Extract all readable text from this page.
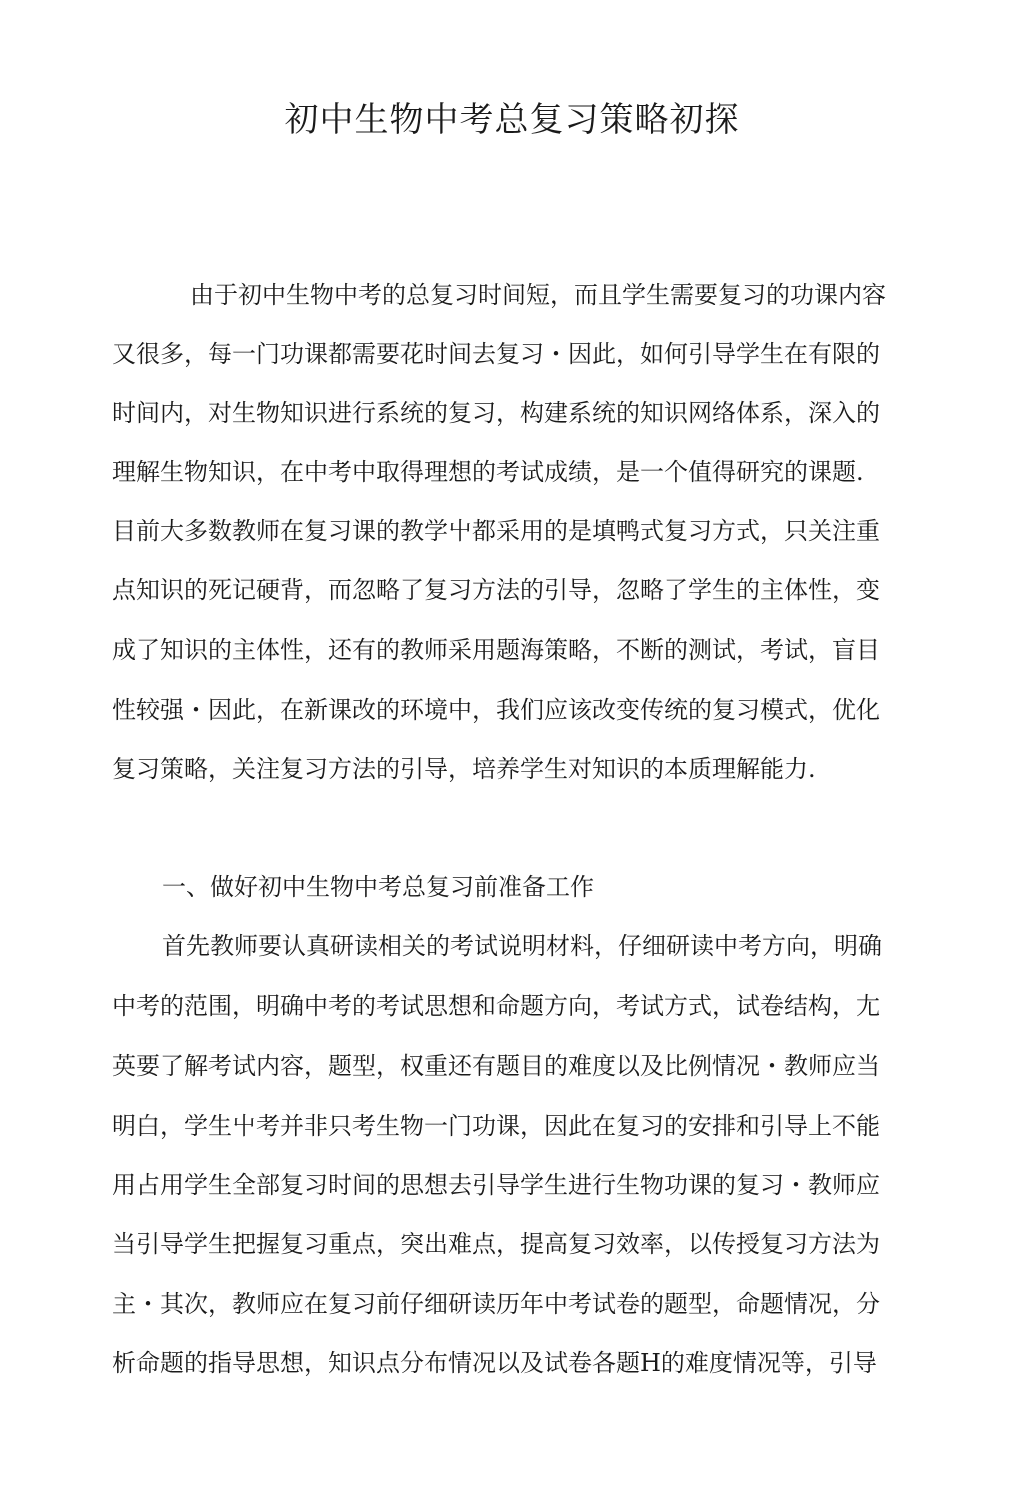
初中生物中考总复习策略初探

由于初中生物中考的总复习时间短，而且学生需要复习的功课内容

又很多，每一门功课都需要花时间去复习・因此，如何引导学生在有限的

时间内，对生物知识进行系统的复习，构建系统的知识网络体系，深入的

理解生物知识，在中考中取得理想的考试成绩，是一个值得研究的课题.

目前大多数教师在复习课的教学屮都采用的是填鸭式复习方式，只关注重

点知识的死记硬背，而忽略了复习方法的引导，忽略了学生的主体性，变

成了知识的主体性，还有的教师采用题海策略，不断的测试，考试，盲目

性较强・因此，在新课改的环境中，我们应该改变传统的复习模式，优化

复习策略，关注复习方法的引导，培养学生对知识的本质理解能力.

一、做好初中生物中考总复习前准备工作

首先教师要认真研读相关的考试说明材料，仔细研读中考方向，明确

中考的范围，明确中考的考试思想和命题方向，考试方式，试卷结构，尢

英要了解考试内容，题型，权重还有题目的难度以及比例情况・教师应当

明白，学生屮考并非只考生物一门功课，因此在复习的安排和引导上不能

用占用学生全部复习时间的思想去引导学生进行生物功课的复习・教师应

当引导学生把握复习重点，突出难点，提高复习效率，以传授复习方法为

主・其次，教师应在复习前仔细研读历年中考试卷的题型，命题情况，分

析命题的指导思想，知识点分布情况以及试卷各题H的难度情况等，引导
